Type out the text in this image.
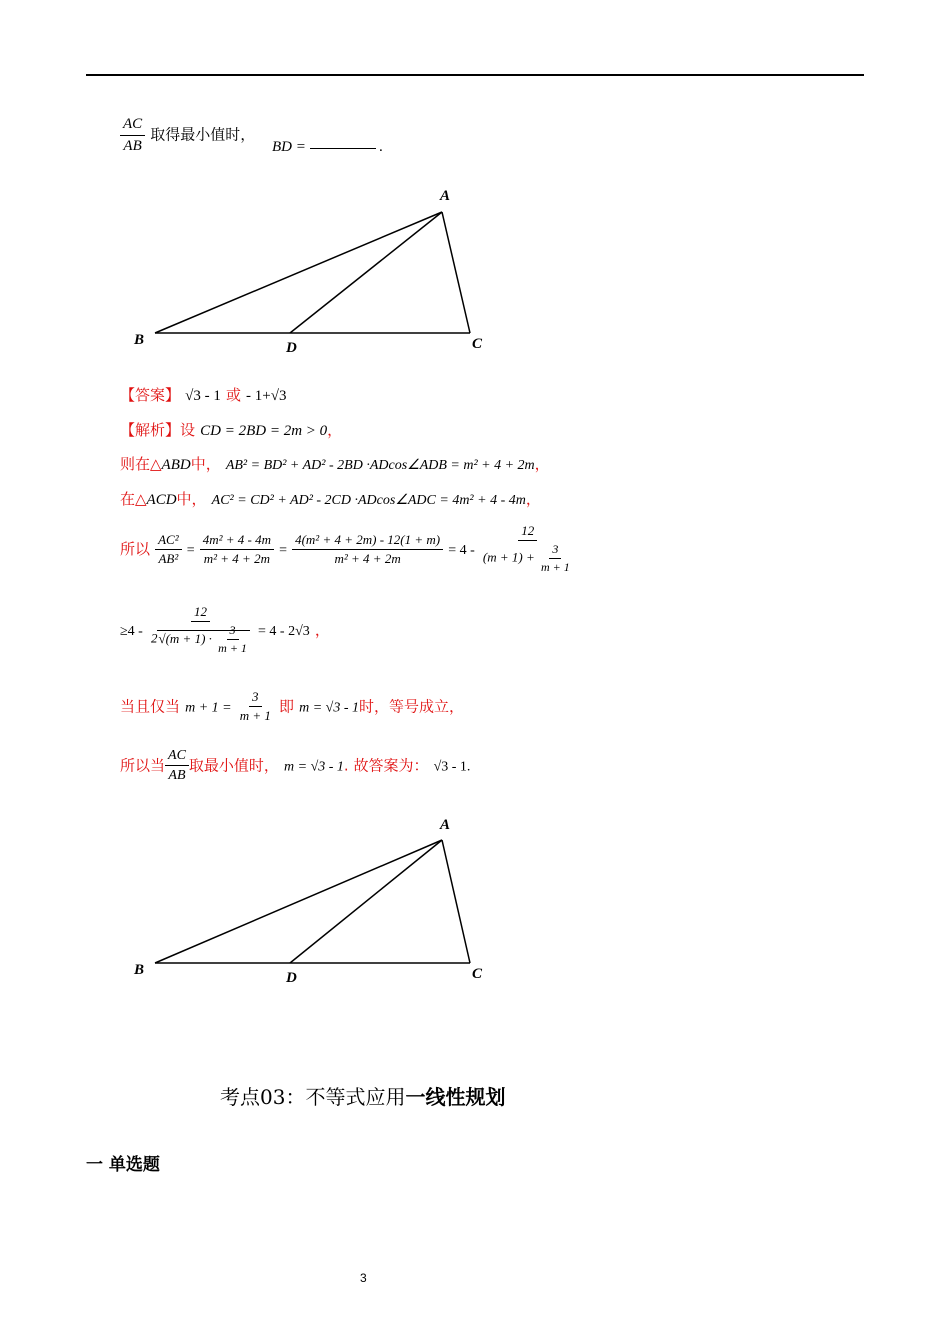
$\frac{AC}{AB}$ 取得最小值时，
BD =	.
A
B	C
D
【答案】 √3 - 1 或 - 1+√3
【解析】设 CD = 2BD = 2m > 0，
则在△ABD中， AB² = BD² + AD² - 2BD ·ADcos∠ADB = m² + 4 + 2m，
在△ACD中， AC² = CD² + AD² - 2CD ·ADcos∠ADC = 4m² + 4 - 4m，
所以 $\frac{\text{AC²}}{\text{AB²}} = \frac{\text{4m² + 4 - 4m}}{\text{m² + 4 + 2m}} = \frac{\text{4(m² + 4 + 2m) - 12(1 + m)}}{\text{m² + 4 + 2m}} = 4 - \frac{12}{(m + 1) + \frac{3}{m + 1}}$
$\ge 4 - \frac{12}{2√(m + 1) \cdot \frac{3}{m + 1}} = 4 - 2√3$ ，
当且仅当 $m + 1 = \frac{3}{m + 1}$ 即 m = √3 - 1时，等号成立，
所以当 $\frac{AC}{AB}$ 取最小值时， m = √3 - 1. 故答案为： √3 - 1.
A
B	C
D
考点03：不等式应用一线性规划
一 单选题
3
